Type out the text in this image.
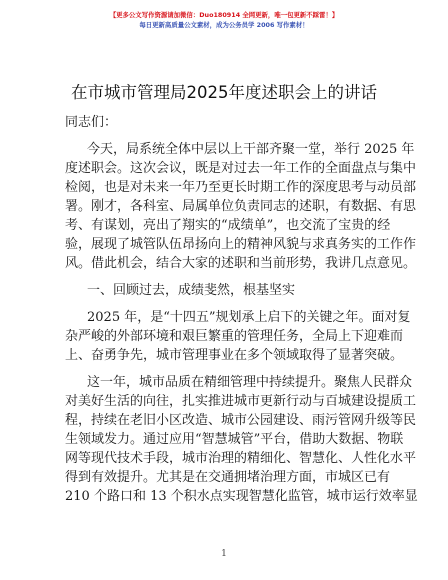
【更多公文写作资源请加微信：Duo180914 全网更新，唯一包更新不踩雷！】
每日更新高质量公文素材，成为公务员学 2006 写作素材！
在市城市管理局2025年度述职会上的讲话
同志们：
今天，局系统全体中层以上干部齐聚一堂，举行 2025 年
度述职会。这次会议，既是对过去一年工作的全面盘点与集中
检阅，也是对未来一年乃至更长时期工作的深度思考与动员部
署。刚才，各科室、局属单位负责同志的述职，有数据、有思
考、有谋划，亮出了翔实的“成绩单”，也交流了宝贵的经
验，展现了城管队伍昂扬向上的精神风貌与求真务实的工作作
风。借此机会，结合大家的述职和当前形势，我讲几点意见。
一、回顾过去，成绩斐然，根基坚实
2025 年，是“十四五”规划承上启下的关键之年。面对复
杂严峻的外部环境和艰巨繁重的管理任务，全局上下迎难而
上、奋勇争先，城市管理事业在多个领域取得了显著突破。
这一年，城市品质在精细管理中持续提升。聚焦人民群众
对美好生活的向往，扎实推进城市更新行动与百城建设提质工
程，持续在老旧小区改造、城市公园建设、雨污管网升级等民
生领域发力。通过应用“智慧城管”平台，借助大数据、物联
网等现代技术手段，城市治理的精细化、智慧化、人性化水平
得到有效提升。尤其是在交通拥堵治理方面，市城区已有
210 个路口和 13 个积水点实现智慧化监管，城市运行效率显
1
